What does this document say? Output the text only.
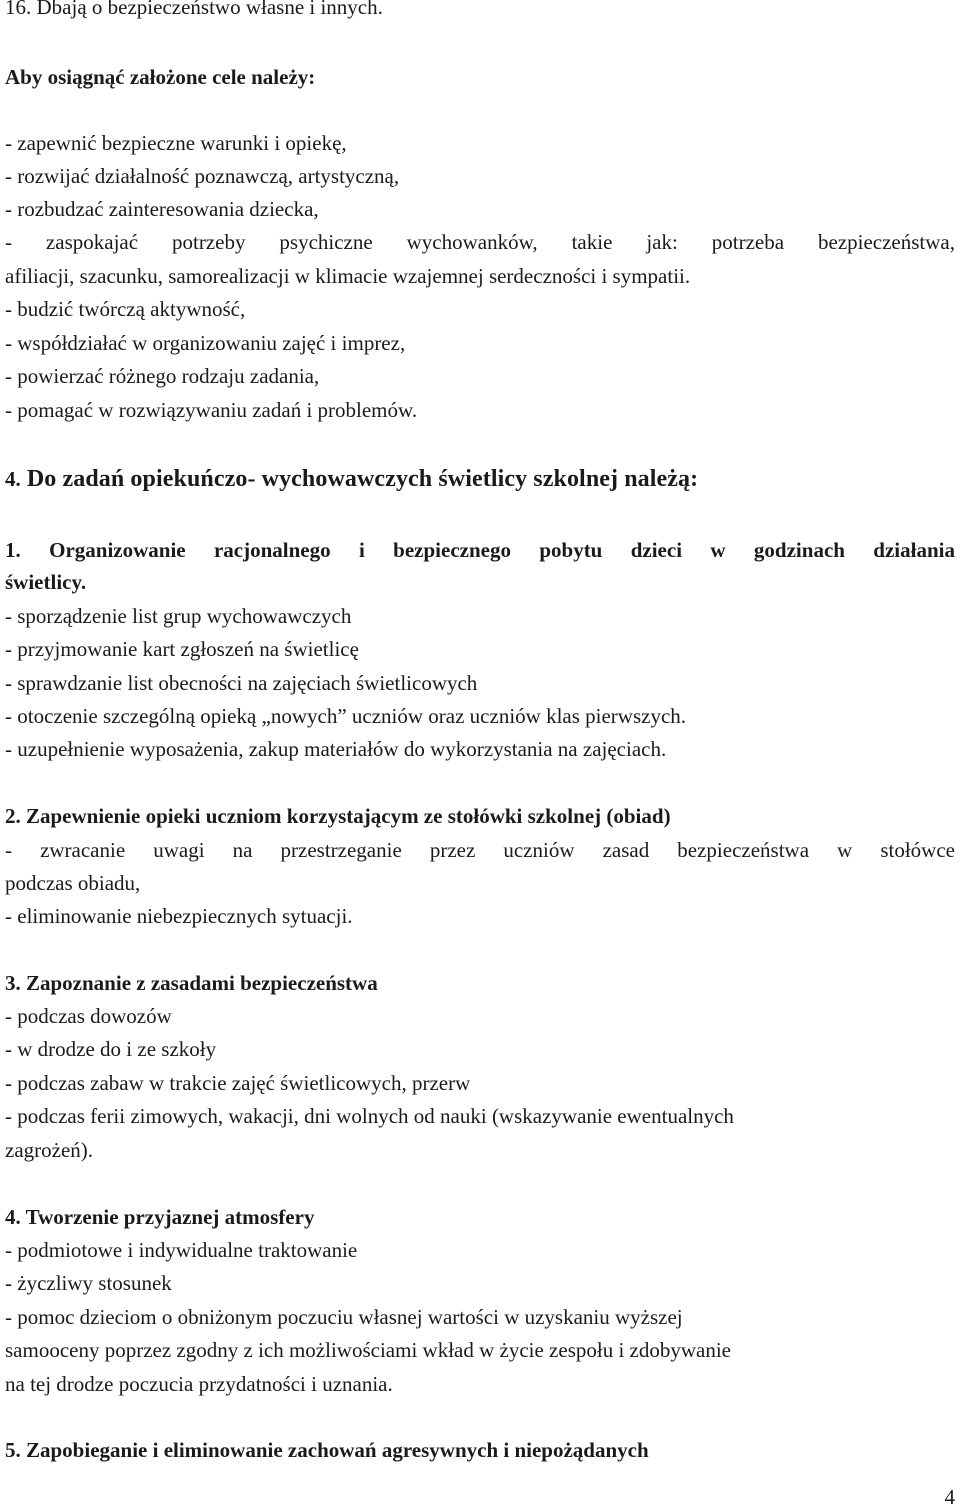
16. Dbają o bezpieczeństwo własne i innych.

Aby osiągnąć założone cele należy:

- zapewnić bezpieczne warunki i opiekę,

- rozwijać działalność poznawczą, artystyczną,

- rozbudzać zainteresowania dziecka,

- zaspokajać potrzeby psychiczne wychowanków, takie jak: potrzeba bezpieczeństwa,

afiliacji, szacunku, samorealizacji w klimacie wzajemnej serdeczności i sympatii.

- budzić twórczą aktywność,

- współdziałać w organizowaniu zajęć i imprez,

- powierzać różnego rodzaju zadania,

- pomagać w rozwiązywaniu zadań i problemów.

4. Do zadań opiekuńczo- wychowawczych świetlicy szkolnej należą:

1. Organizowanie racjonalnego i bezpiecznego pobytu dzieci w godzinach działania

świetlicy.

- sporządzenie list grup wychowawczych

- przyjmowanie kart zgłoszeń na świetlicę

- sprawdzanie list obecności na zajęciach świetlicowych

- otoczenie szczególną opieką „nowych” uczniów oraz uczniów klas pierwszych.

- uzupełnienie wyposażenia, zakup materiałów do wykorzystania na zajęciach.

2. Zapewnienie opieki uczniom korzystającym ze stołówki szkolnej (obiad)

- zwracanie uwagi na przestrzeganie przez uczniów zasad bezpieczeństwa w stołówce

podczas obiadu,

- eliminowanie niebezpiecznych sytuacji.

3. Zapoznanie z zasadami bezpieczeństwa

- podczas dowozów

- w drodze do i ze szkoły

- podczas zabaw w trakcie zajęć świetlicowych, przerw

- podczas ferii zimowych, wakacji, dni wolnych od nauki (wskazywanie ewentualnych

zagrożeń).

4. Tworzenie przyjaznej atmosfery

- podmiotowe i indywidualne traktowanie

- życzliwy stosunek

- pomoc dzieciom o obniżonym poczuciu własnej wartości w uzyskaniu wyższej

samooceny poprzez zgodny z ich możliwościami wkład w życie zespołu i zdobywanie

na tej drodze poczucia przydatności i uznania.

5. Zapobieganie i eliminowanie zachowań agresywnych i niepożądanych

4
